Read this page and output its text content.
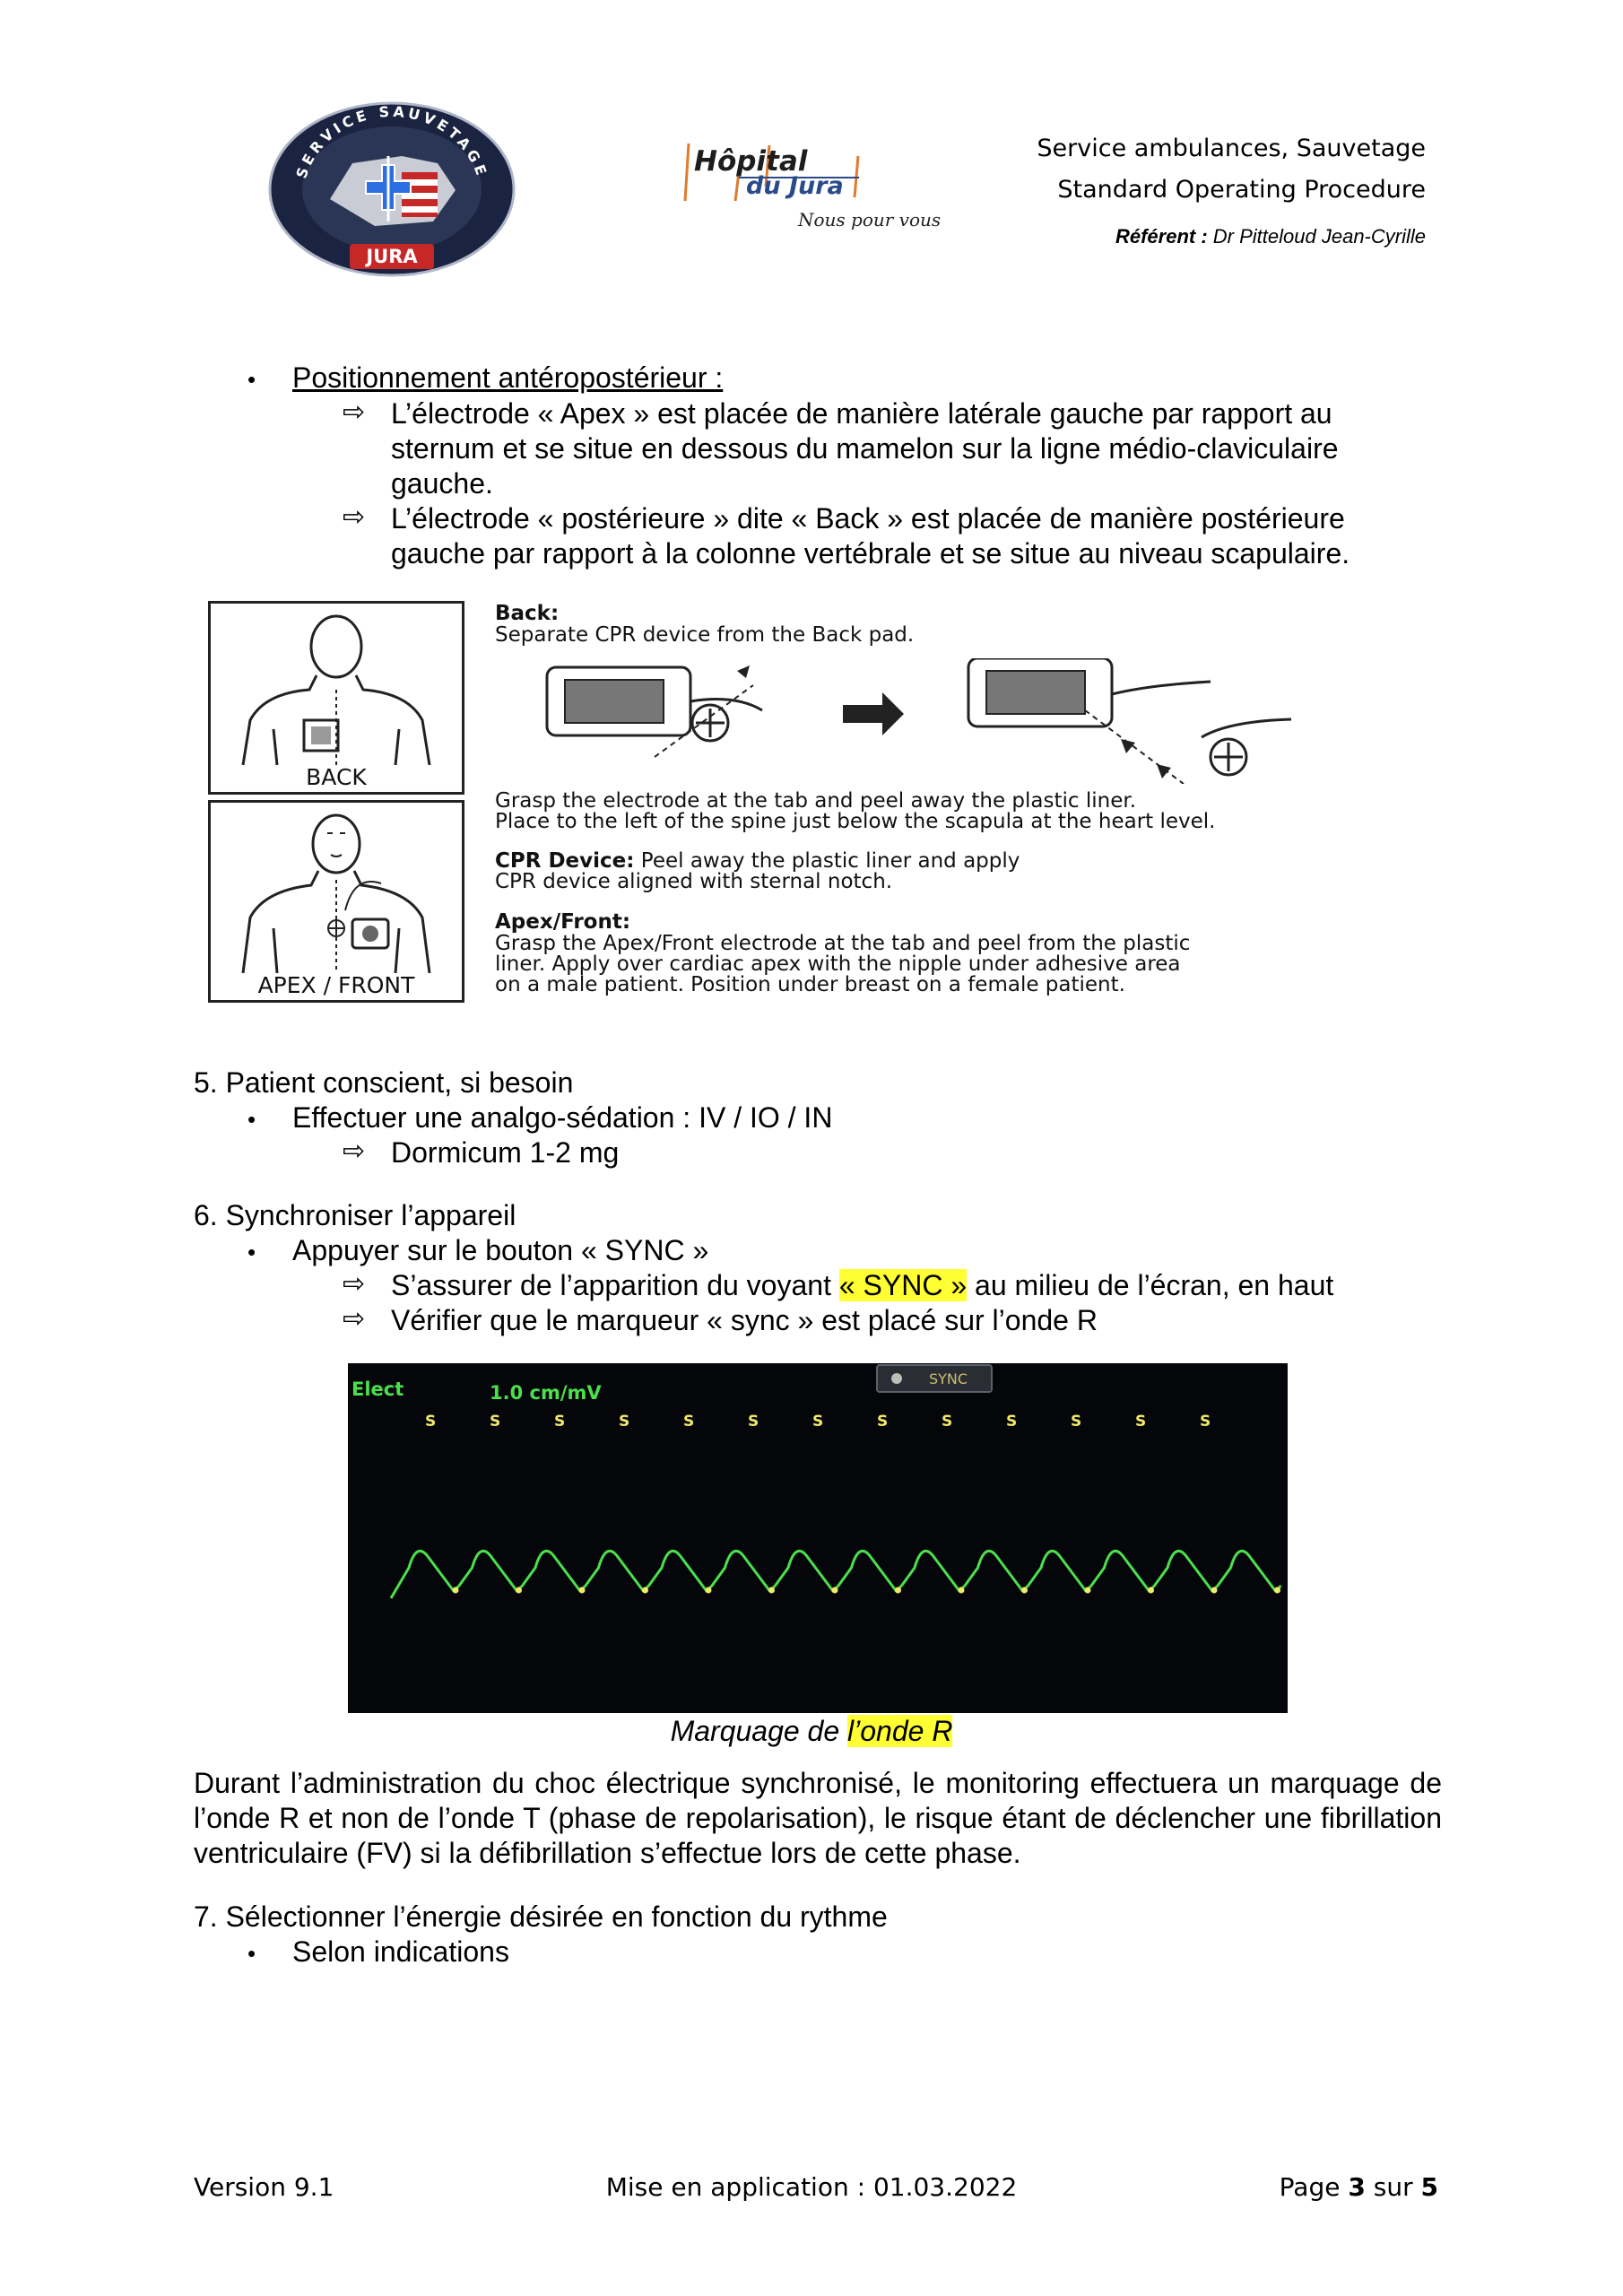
SERVICE SAUVETAGE
JURA
Hôpital
du Jura
Nous pour vous !
Service ambulances, Sauvetage
Standard Operating Procedure
Référent : Dr Pitteloud Jean-Cyrille
• Positionnement antéropostérieur :
⇨ L’électrode « Apex » est placée de manière latérale gauche par rapport au
sternum et se situe en dessous du mamelon sur la ligne médio-claviculaire
gauche.
⇨ L’électrode « postérieure » dite « Back » est placée de manière postérieure
gauche par rapport à la colonne vertébrale et se situe au niveau scapulaire.
BACK
APEX / FRONT
Back:
Separate CPR device from the Back pad.
Grasp the electrode at the tab and peel away the plastic liner.
Place to the left of the spine just below the scapula at the heart level.
CPR Device: Peel away the plastic liner and apply
CPR device aligned with sternal notch.
Apex/Front:
Grasp the Apex/Front electrode at the tab and peel from the plastic
liner. Apply over cardiac apex with the nipple under adhesive area
on a male patient. Position under breast on a female patient.
5. Patient conscient, si besoin
• Effectuer une analgo-sédation : IV / IO / IN
⇨ Dormicum 1-2 mg
6. Synchroniser l’appareil
• Appuyer sur le bouton « SYNC »
⇨ S’assurer de l’apparition du voyant « SYNC » au milieu de l’écran, en haut
⇨ Vérifier que le marqueur « sync » est placé sur l’onde R
SYNC
Elect	1.0 cm/mV
S	S	S	S	S	S	S	S	S	S	S	S	S
Marquage de l’onde R
Durant l’administration du choc électrique synchronisé, le monitoring effectuera un marquage de l’onde R et non de l’onde T (phase de repolarisation), le risque étant de déclencher une fibrillation ventriculaire (FV) si la défibrillation s’effectue lors de cette phase.
7. Sélectionner l’énergie désirée en fonction du rythme
• Selon indications
Version 9.1	Mise en application : 01.03.2022	Page 3 sur 5
